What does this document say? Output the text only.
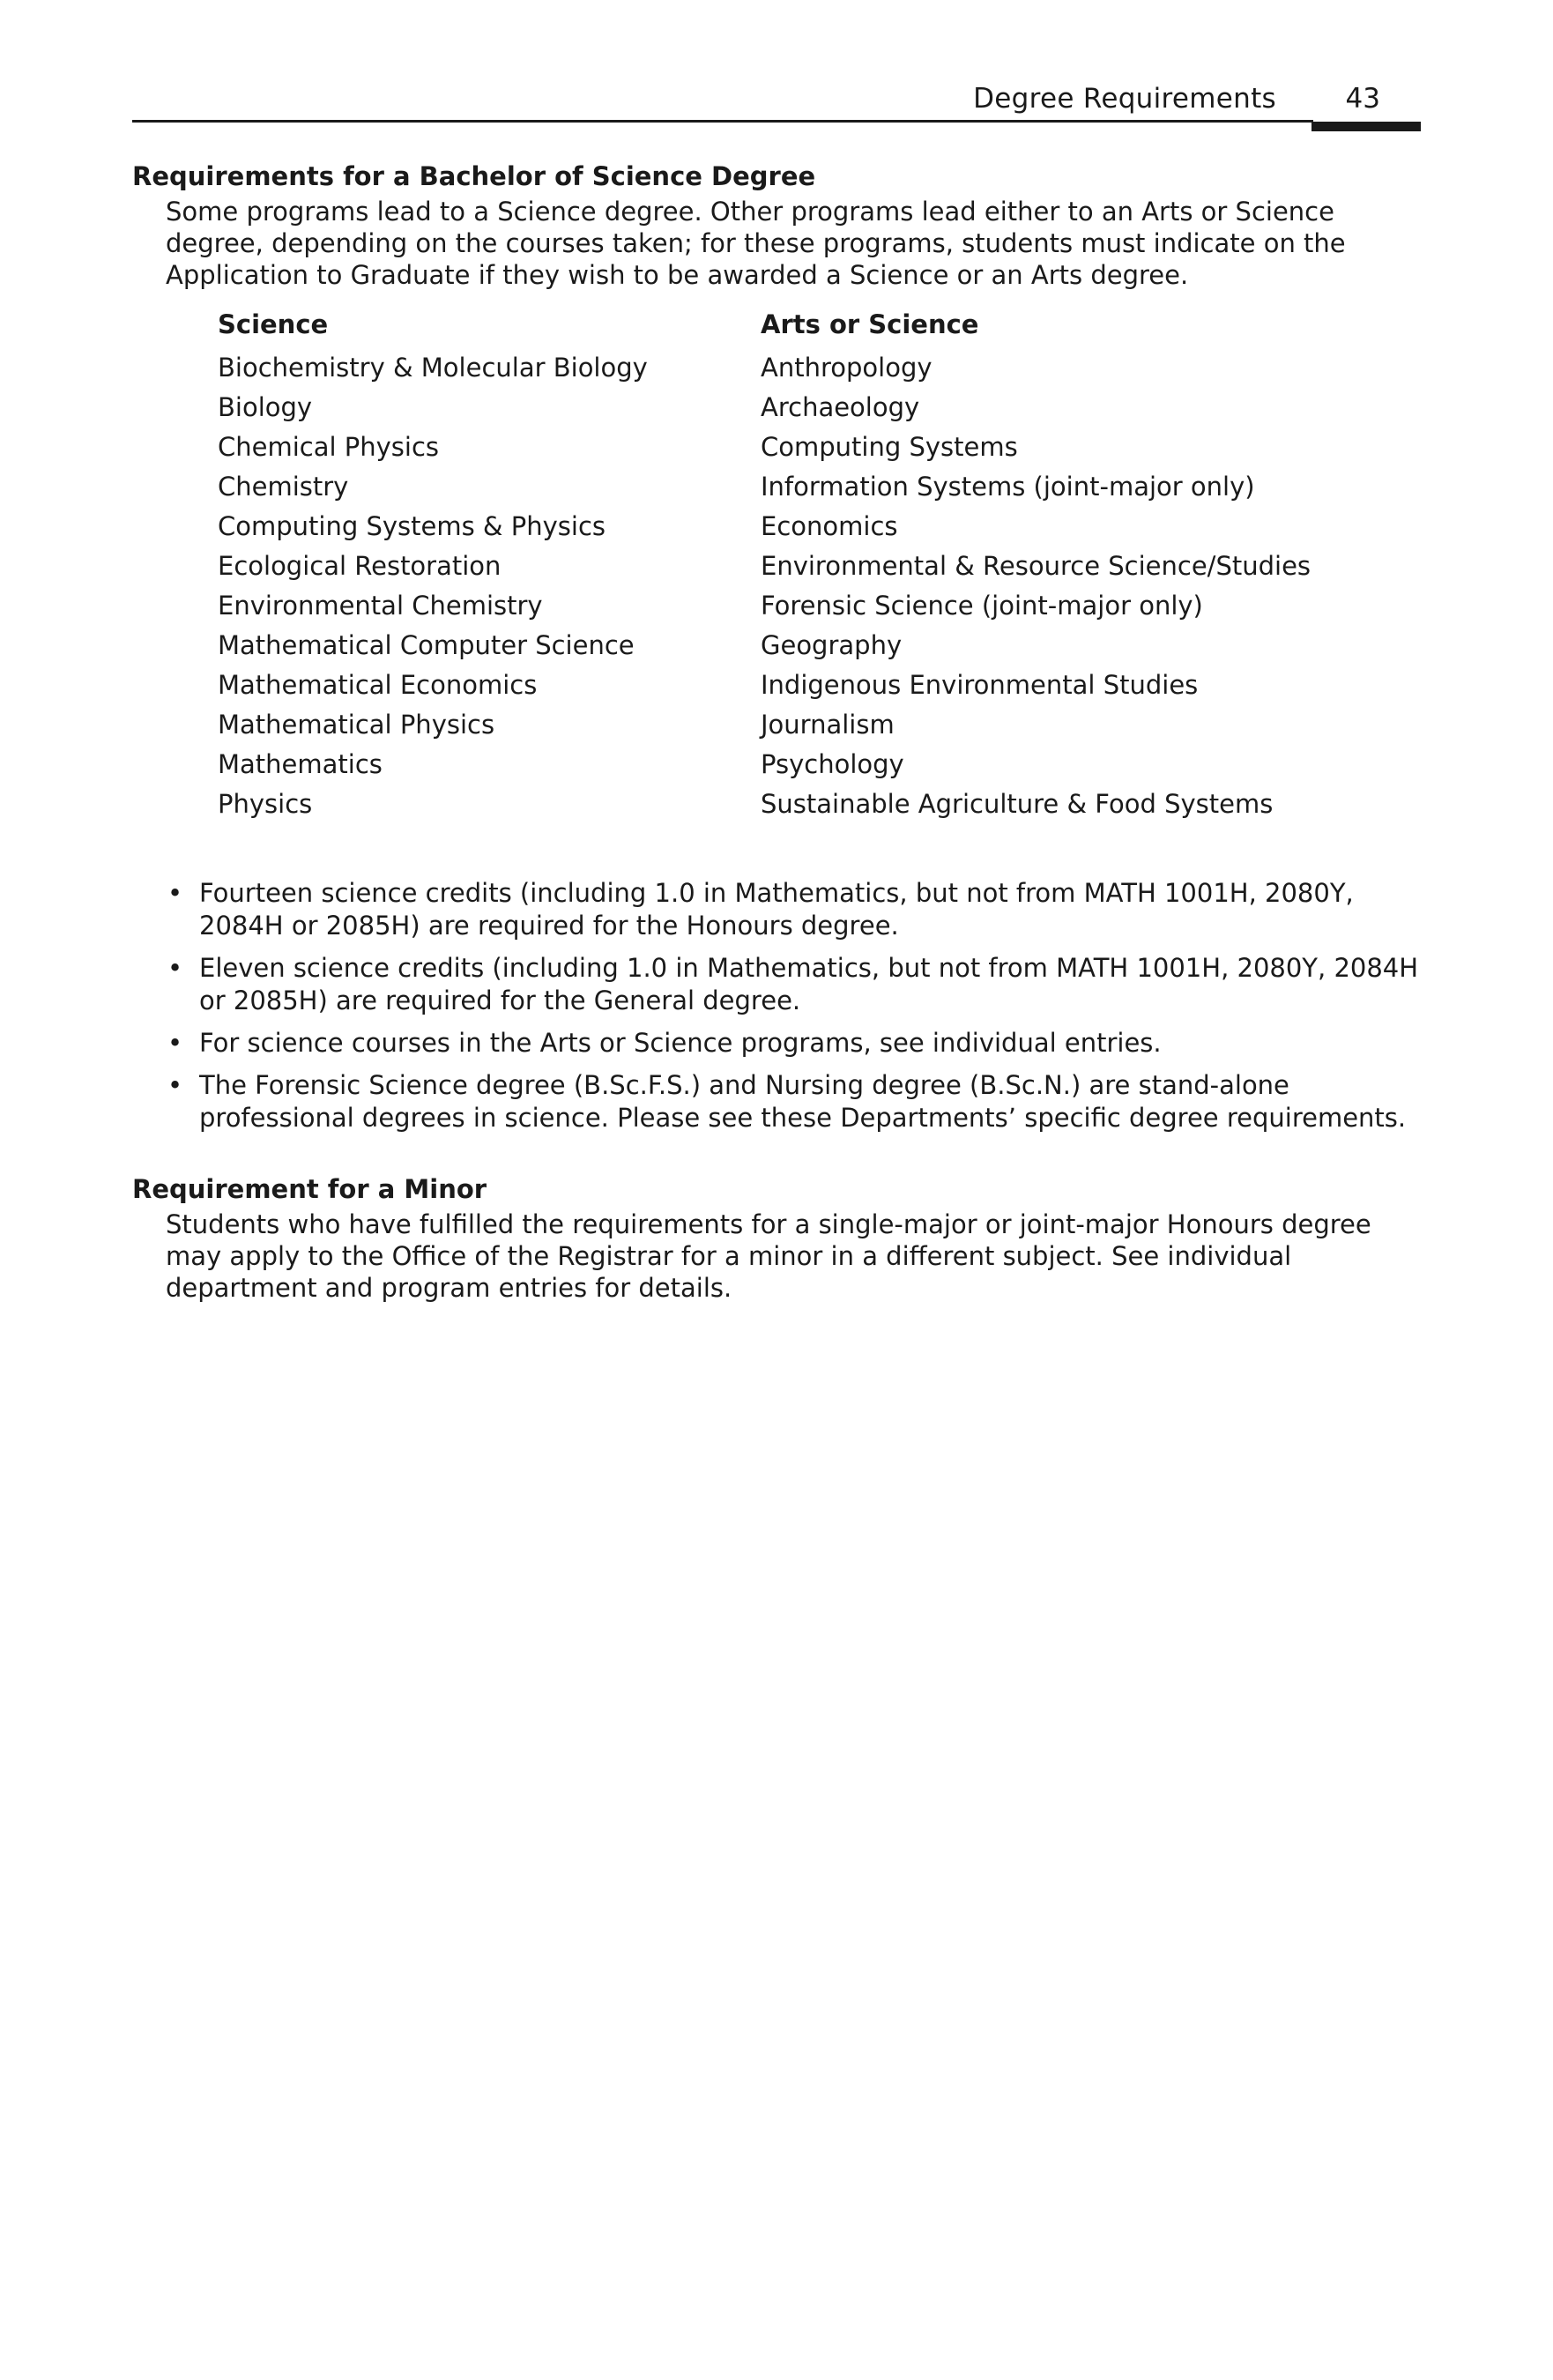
Degree Requirements	43
Requirements for a Bachelor of Science Degree

Some programs lead to a Science degree. Other programs lead either to an Arts or Science degree, depending on the courses taken; for these programs, students must indicate on the Application to Graduate if they wish to be awarded a Science or an Arts degree.

Science
Biochemistry & Molecular Biology
Biology
Chemical Physics
Chemistry
Computing Systems & Physics
Ecological Restoration
Environmental Chemistry
Mathematical Computer Science
Mathematical Economics
Mathematical Physics
Mathematics
Physics
Arts or Science
Anthropology
Archaeology
Computing Systems
Information Systems (joint-major only)
Economics
Environmental & Resource Science/Studies
Forensic Science (joint-major only)
Geography
Indigenous Environmental Studies
Journalism
Psychology
Sustainable Agriculture & Food Systems
• Fourteen science credits (including 1.0 in Mathematics, but not from MATH 1001H, 2080Y, 2084H or 2085H) are required for the Honours degree.
• Eleven science credits (including 1.0 in Mathematics, but not from MATH 1001H, 2080Y, 2084H or 2085H) are required for the General degree.
• For science courses in the Arts or Science programs, see individual entries.
• The Forensic Science degree (B.Sc.F.S.) and Nursing degree (B.Sc.N.) are stand-alone professional degrees in science. Please see these Departments’ specific degree requirements.
Requirement for a Minor

Students who have fulfilled the requirements for a single-major or joint-major Honours degree may apply to the Office of the Registrar for a minor in a different subject. See individual department and program entries for details.
